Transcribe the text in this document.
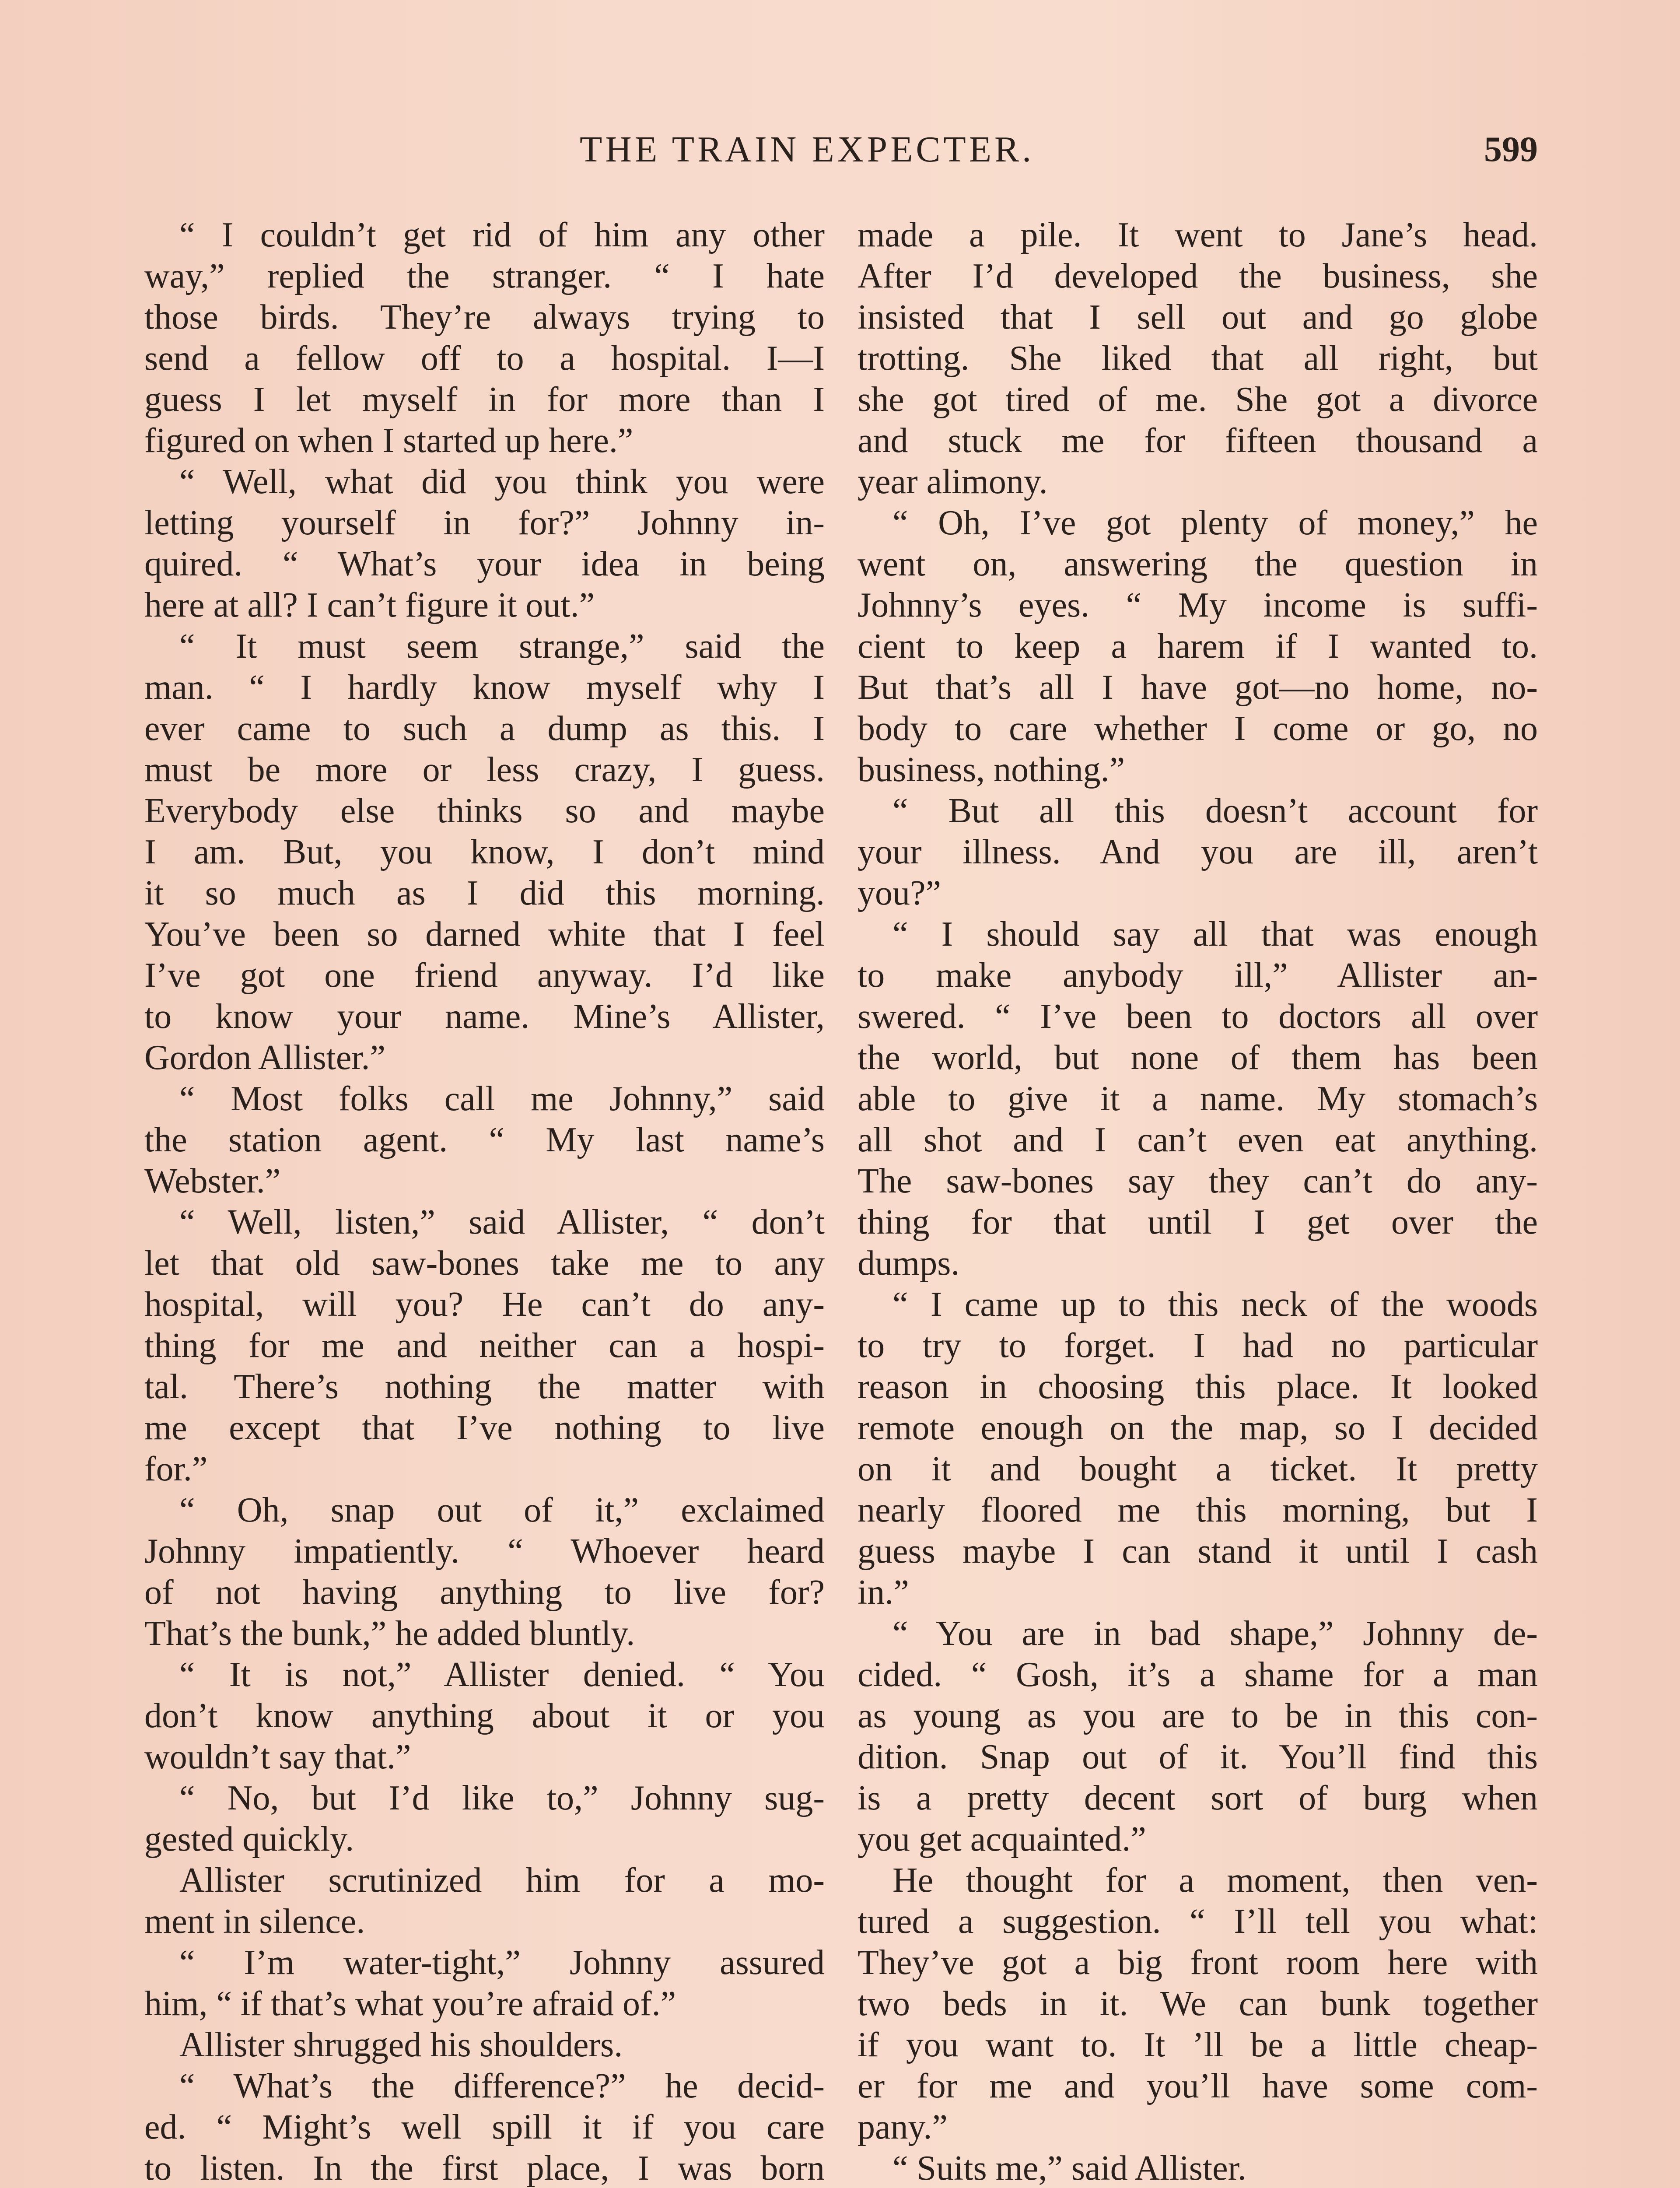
THE TRAIN EXPECTER.	599
“ I couldn’t get rid of him any other
way,” replied the stranger. “ I hate
those birds. They’re always trying to
send a fellow off to a hospital. I—I
guess I let myself in for more than I
figured on when I started up here.”
“ Well, what did you think you were
letting yourself in for?” Johnny in-
quired. “ What’s your idea in being
here at all? I can’t figure it out.”
“ It must seem strange,” said the
man. “ I hardly know myself why I
ever came to such a dump as this. I
must be more or less crazy, I guess.
Everybody else thinks so and maybe
I am. But, you know, I don’t mind
it so much as I did this morning.
You’ve been so darned white that I feel
I’ve got one friend anyway. I’d like
to know your name. Mine’s Allister,
Gordon Allister.”
“ Most folks call me Johnny,” said
the station agent. “ My last name’s
Webster.”
“ Well, listen,” said Allister, “ don’t
let that old saw-bones take me to any
hospital, will you? He can’t do any-
thing for me and neither can a hospi-
tal. There’s nothing the matter with
me except that I’ve nothing to live
for.”
“ Oh, snap out of it,” exclaimed
Johnny impatiently. “ Whoever heard
of not having anything to live for?
That’s the bunk,” he added bluntly.
“ It is not,” Allister denied. “ You
don’t know anything about it or you
wouldn’t say that.”
“ No, but I’d like to,” Johnny sug-
gested quickly.
Allister scrutinized him for a mo-
ment in silence.
“ I’m water-tight,” Johnny assured
him, “ if that’s what you’re afraid of.”
Allister shrugged his shoulders.
“ What’s the difference?” he decid-
ed. “ Might’s well spill it if you care
to listen. In the first place, I was born
made a pile. It went to Jane’s head.
After I’d developed the business, she
insisted that I sell out and go globe
trotting. She liked that all right, but
she got tired of me. She got a divorce
and stuck me for fifteen thousand a
year alimony.
“ Oh, I’ve got plenty of money,” he
went on, answering the question in
Johnny’s eyes. “ My income is suffi-
cient to keep a harem if I wanted to.
But that’s all I have got—no home, no-
body to care whether I come or go, no
business, nothing.”
“ But all this doesn’t account for
your illness. And you are ill, aren’t
you?”
“ I should say all that was enough
to make anybody ill,” Allister an-
swered. “ I’ve been to doctors all over
the world, but none of them has been
able to give it a name. My stomach’s
all shot and I can’t even eat anything.
The saw-bones say they can’t do any-
thing for that until I get over the
dumps.
“ I came up to this neck of the woods
to try to forget. I had no particular
reason in choosing this place. It looked
remote enough on the map, so I decided
on it and bought a ticket. It pretty
nearly floored me this morning, but I
guess maybe I can stand it until I cash
in.”
“ You are in bad shape,” Johnny de-
cided. “ Gosh, it’s a shame for a man
as young as you are to be in this con-
dition. Snap out of it. You’ll find this
is a pretty decent sort of burg when
you get acquainted.”
He thought for a moment, then ven-
tured a suggestion. “ I’ll tell you what:
They’ve got a big front room here with
two beds in it. We can bunk together
if you want to. It ’ll be a little cheap-
er for me and you’ll have some com-
pany.”
“ Suits me,” said Allister.
